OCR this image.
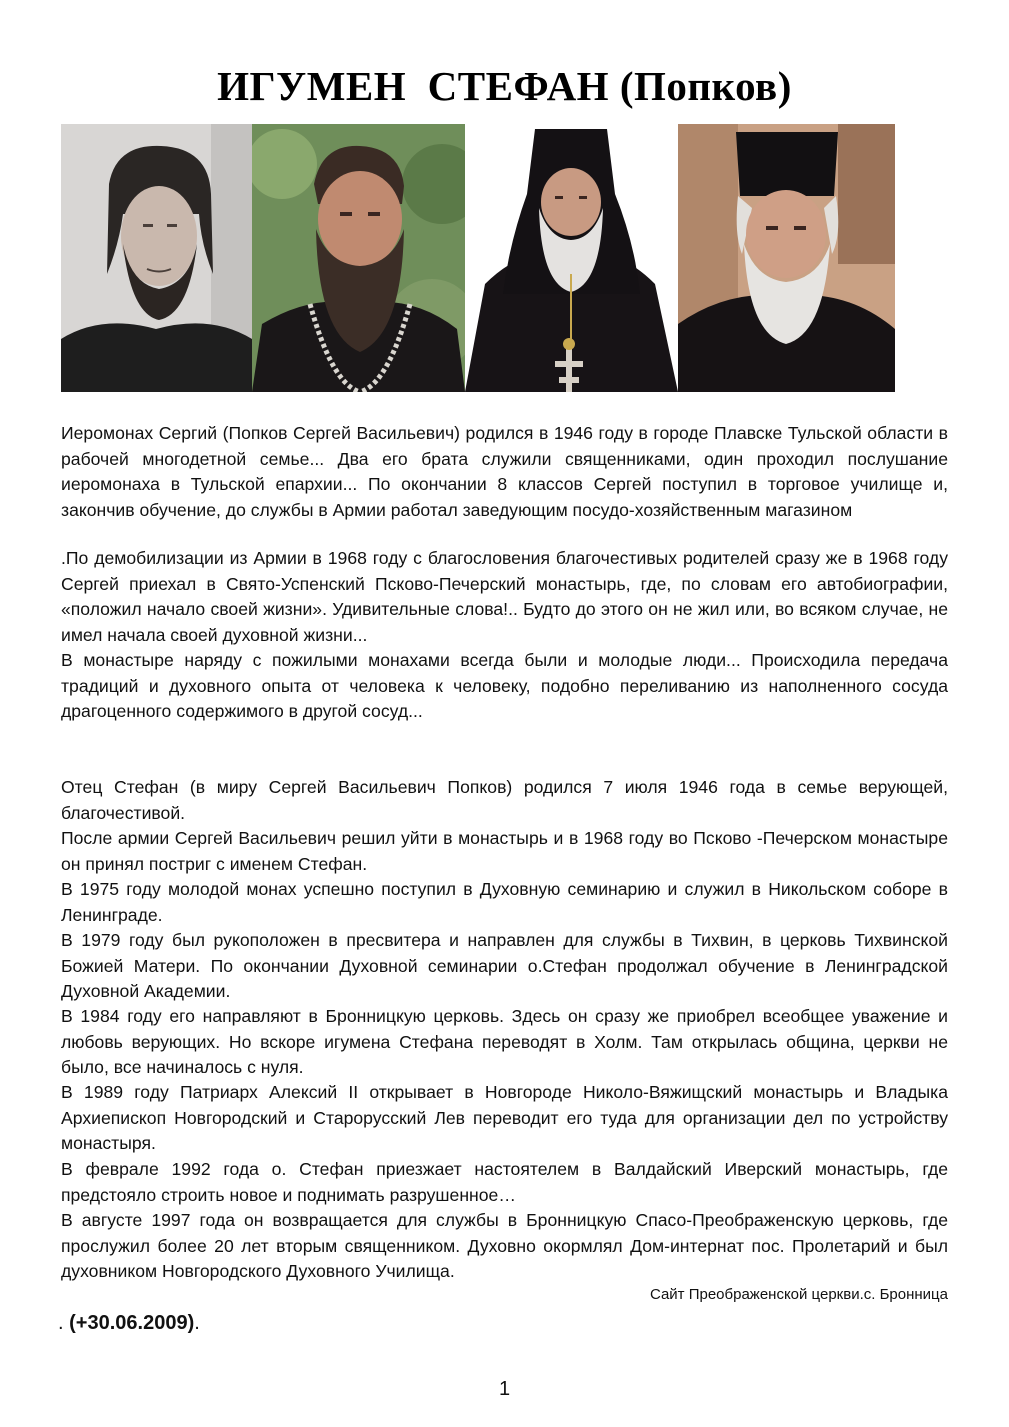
ИГУМЕН  СТЕФАН (Попков)

Иеромонах Сергий (Попков Сергей Васильевич) родился в 1946 году в городе Плавске Тульской области в рабочей многодетной семье... Два его брата служили священниками, один проходил послушание иеромонаха в Тульской епархии... По окончании 8 классов Сергей поступил в торговое училище и, закончив обучение, до службы в Армии работал заведующим посудо-хозяйственным магазином

.По демобилизации из Армии в 1968 году с благословения благочестивых родителей сразу же в 1968 году Сергей приехал в Свято-Успенский Псково-Печерский монастырь, где, по словам его автобиографии, «положил начало своей жизни». Удивительные слова!.. Будто до этого он не жил или, во всяком случае, не имел начала своей духовной жизни...

В монастыре наряду с пожилыми монахами всегда были и молодые люди... Происходила передача традиций и духовного опыта от человека к человеку, подобно переливанию из наполненного сосуда драгоценного содержимого в другой сосуд...

Отец Стефан (в миру Сергей Васильевич Попков) родился 7 июля 1946 года в семье верующей, благочестивой.

После армии Сергей Васильевич решил уйти в монастырь и в 1968 году во Псково -Печерском монастыре он принял постриг с именем Стефан.

В 1975 году молодой монах успешно поступил в Духовную семинарию и служил в Никольском соборе в Ленинграде.

В 1979 году был рукоположен в пресвитера и направлен для службы в Тихвин, в церковь Тихвинской Божией Матери. По окончании Духовной семинарии о.Стефан продолжал обучение в Ленинградской Духовной Академии.

В 1984 году его направляют в Бронницкую церковь. Здесь он сразу же приобрел всеобщее уважение и любовь верующих. Но вскоре игумена Стефана переводят в Холм. Там открылась община, церкви не было, все начиналось с нуля.

В 1989 году Патриарх Алексий II открывает в Новгороде Николо-Вяжищский монастырь и Владыка Архиепископ Новгородский и Старорусский Лев переводит его туда для организации дел по устройству монастыря.

В феврале 1992 года о. Стефан приезжает настоятелем в Валдайский Иверский монастырь, где предстояло строить новое и поднимать разрушенное…

В августе 1997 года он возвращается для службы в Бронницкую Спасо-Преображенскую церковь, где прослужил более 20 лет вторым священником. Духовно окормлял Дом-интернат пос. Пролетарий и был духовником Новгородского Духовного Училища.

Сайт Преображенской церкви.с. Бронница
. (+30.06.2009).
1
